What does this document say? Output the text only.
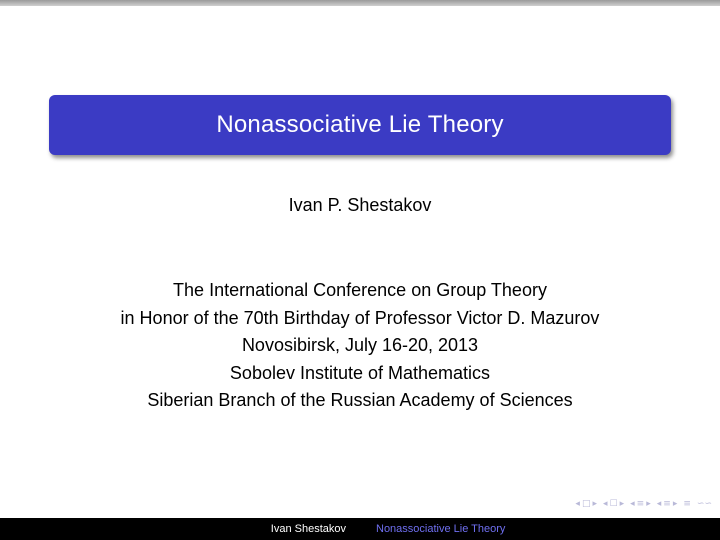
Nonassociative Lie Theory
Ivan P. Shestakov
The International Conference on Group Theory
in Honor of the 70th Birthday of Professor Victor D. Mazurov
Novosibirsk, July 16-20, 2013
Sobolev Institute of Mathematics
Siberian Branch of the Russian Academy of Sciences
◂ □ ▸ ◂ ☐ ▸ ◂ ≡ ▸ ◂ ≡ ▸ ≡ ∽∽
Ivan Shestakov	Nonassociative Lie Theory
